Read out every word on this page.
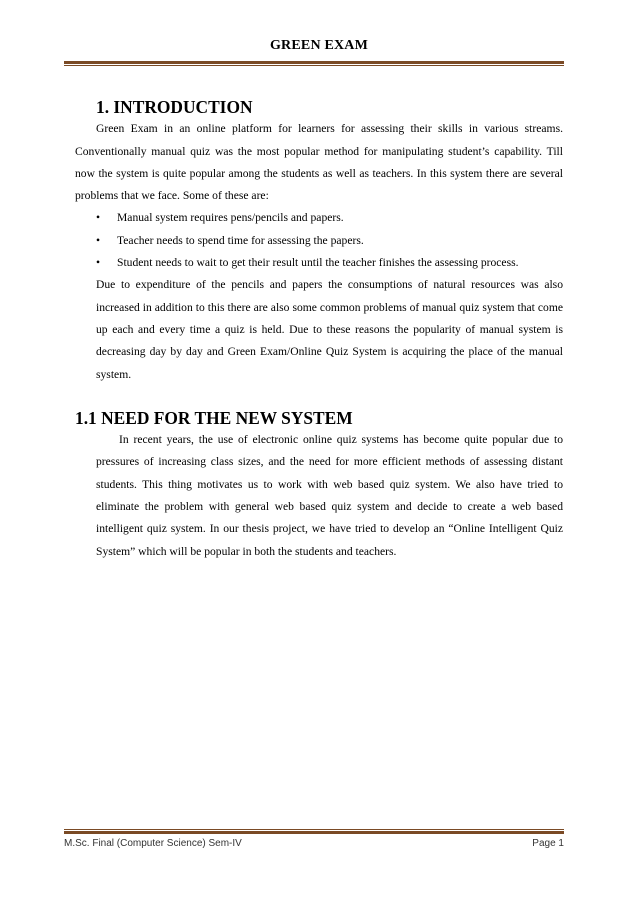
GREEN EXAM
1. INTRODUCTION

Green Exam in an online platform for learners for assessing their skills in various streams. Conventionally manual quiz was the most popular method for manipulating student’s capability. Till now the system is quite popular among the students as well as teachers. In this system there are several problems that we face. Some of these are:

• Manual system requires pens/pencils and papers.
• Teacher needs to spend time for assessing the papers.
• Student needs to wait to get their result until the teacher finishes the assessing process.

Due to expenditure of the pencils and papers the consumptions of natural resources was also increased in addition to this there are also some common problems of manual quiz system that come up each and every time a quiz is held. Due to these reasons the popularity of manual system is decreasing day by day and Green Exam/Online Quiz System is acquiring the place of the manual system.

1.1 NEED FOR THE NEW SYSTEM

In recent years, the use of electronic online quiz systems has become quite popular due to pressures of increasing class sizes, and the need for more efficient methods of assessing distant students. This thing motivates us to work with web based quiz system. We also have tried to eliminate the problem with general web based quiz system and decide to create a web based intelligent quiz system. In our thesis project, we have tried to develop an “Online Intelligent Quiz System” which will be popular in both the students and teachers.

M.Sc. Final (Computer Science) Sem-IV	Page 1
